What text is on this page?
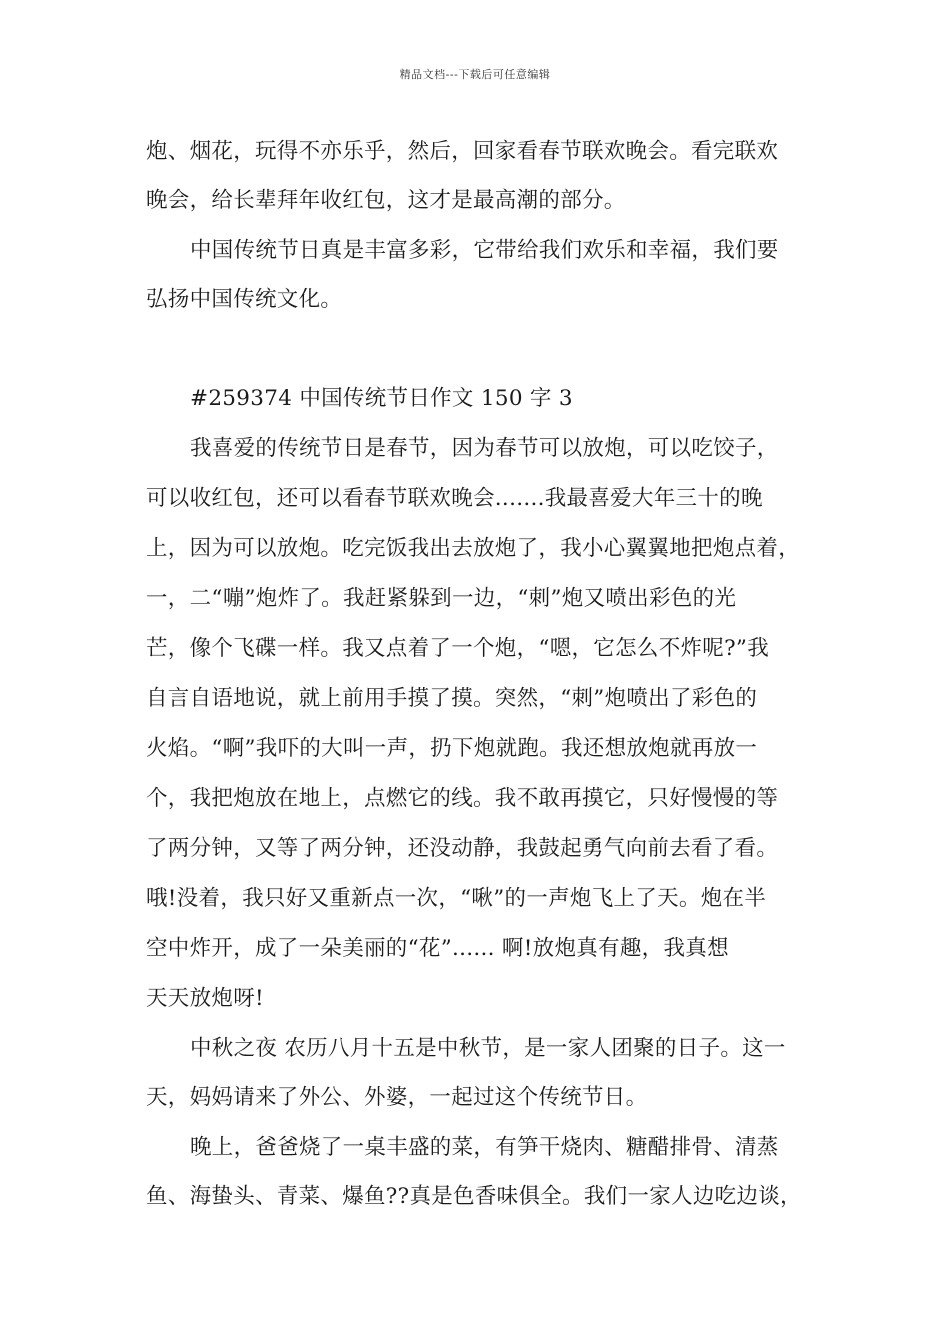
精品文档---下载后可任意编辑
炮、烟花，玩得不亦乐乎，然后，回家看春节联欢晚会。看完联欢
晚会，给长辈拜年收红包，这才是最高潮的部分。
中国传统节日真是丰富多彩，它带给我们欢乐和幸福，我们要
弘扬中国传统文化。
#259374 中国传统节日作文 150 字 3
我喜爱的传统节日是春节，因为春节可以放炮，可以吃饺子，
可以收红包，还可以看春节联欢晚会.......我最喜爱大年三十的晚
上，因为可以放炮。吃完饭我出去放炮了，我小心翼翼地把炮点着，
一，二“嘣”炮炸了。我赶紧躲到一边，“刺”炮又喷出彩色的光
芒，像个飞碟一样。我又点着了一个炮，“嗯，它怎么不炸呢?”我
自言自语地说，就上前用手摸了摸。突然，“刺”炮喷出了彩色的
火焰。“啊”我吓的大叫一声，扔下炮就跑。我还想放炮就再放一
个，我把炮放在地上，点燃它的线。我不敢再摸它，只好慢慢的等
了两分钟，又等了两分钟，还没动静，我鼓起勇气向前去看了看。
哦!没着，我只好又重新点一次，“啾”的一声炮飞上了天。炮在半
空中炸开，成了一朵美丽的“花”...... 啊!放炮真有趣，我真想
天天放炮呀!
中秋之夜 农历八月十五是中秋节，是一家人团聚的日子。这一
天，妈妈请来了外公、外婆，一起过这个传统节日。
晚上，爸爸烧了一桌丰盛的菜，有笋干烧肉、糖醋排骨、清蒸
鱼、海蛰头、青菜、爆鱼??真是色香味俱全。我们一家人边吃边谈，
